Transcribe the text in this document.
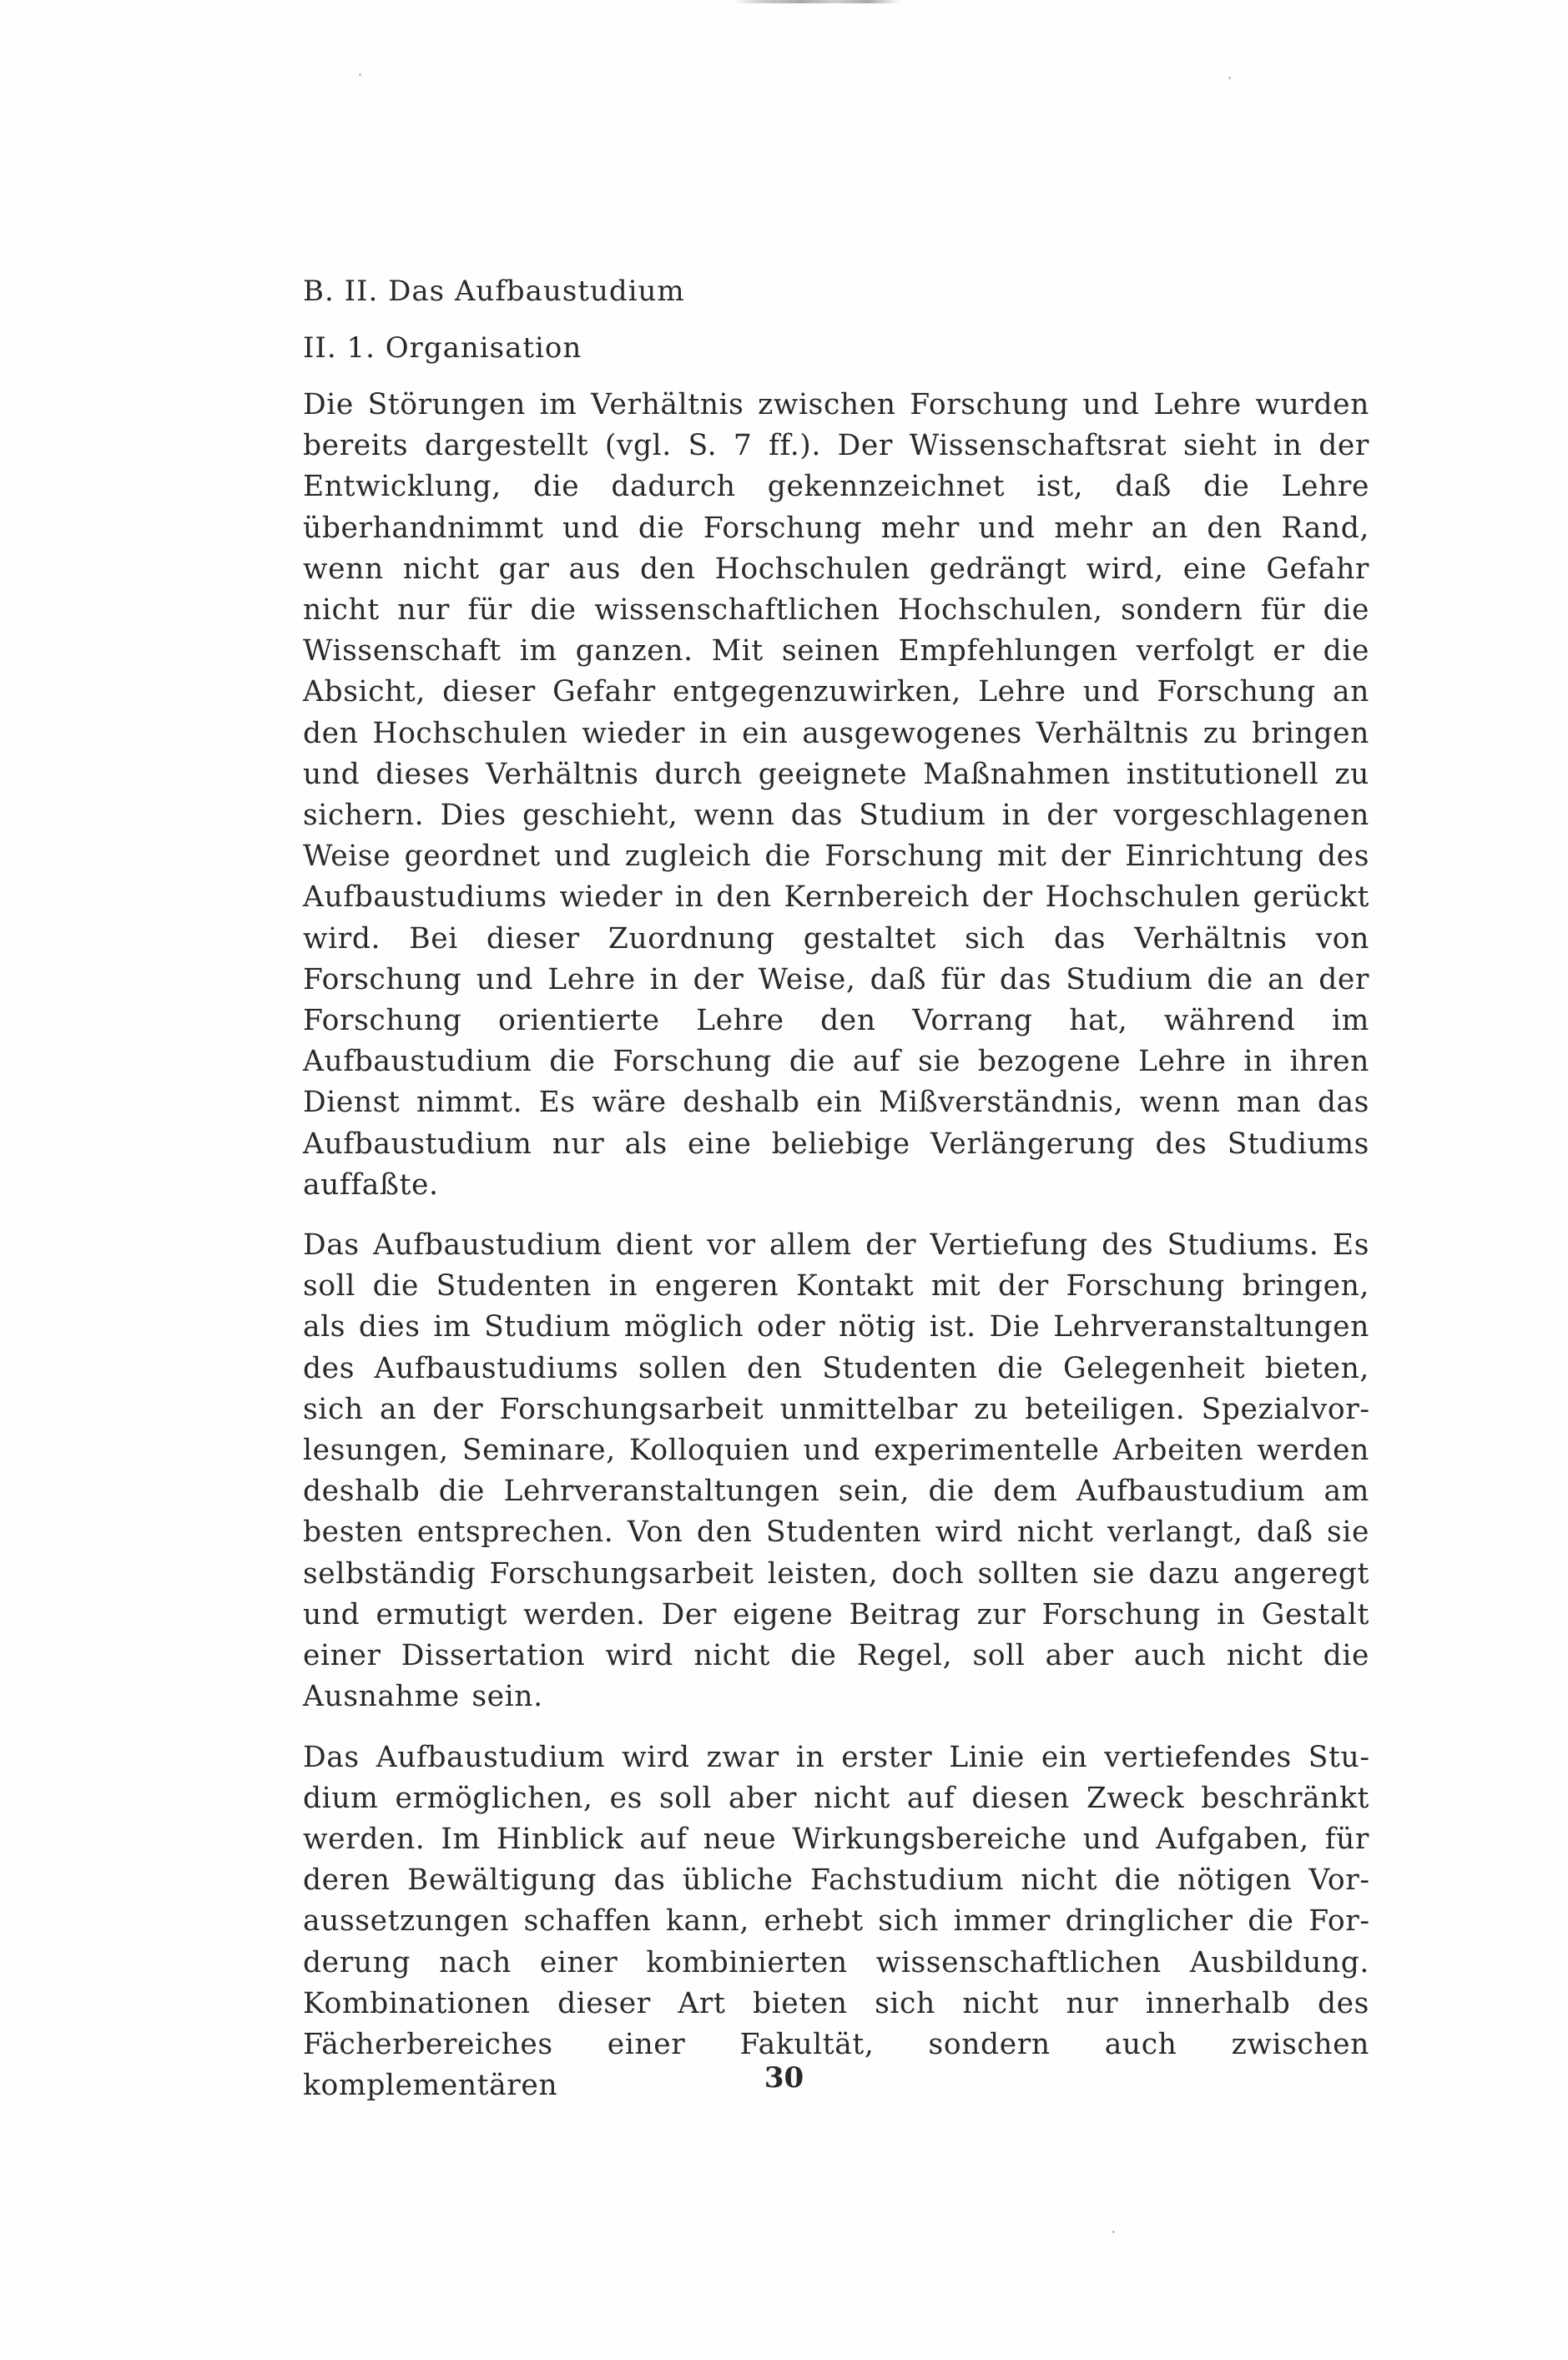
B. II. Das Aufbaustudium
II. 1. Organisation

Die Störungen im Verhältnis zwischen Forschung und Lehre wurden bereits dargestellt (vgl. S. 7 ff.). Der Wissenschaftsrat sieht in der Entwicklung, die dadurch gekennzeichnet ist, daß die Lehre überhandnimmt und die Forschung mehr und mehr an den Rand, wenn nicht gar aus den Hochschulen gedrängt wird, eine Gefahr nicht nur für die wissenschaftlichen Hochschulen, sondern für die Wissenschaft im ganzen. Mit seinen Empfehlungen verfolgt er die Absicht, dieser Gefahr entgegenzuwirken, Lehre und Forschung an den Hochschulen wieder in ein ausgewogenes Verhältnis zu bringen und dieses Verhältnis durch geeignete Maßnahmen institutionell zu sichern. Dies geschieht, wenn das Studium in der vorgeschlagenen Weise geordnet und zugleich die Forschung mit der Einrichtung des Aufbaustudiums wieder in den Kernbereich der Hochschulen gerückt wird. Bei dieser Zuordnung gestaltet sich das Verhältnis von Forschung und Lehre in der Weise, daß für das Studium die an der Forschung orientierte Lehre den Vorrang hat, während im Aufbaustudium die Forschung die auf sie bezogene Lehre in ihren Dienst nimmt. Es wäre deshalb ein Mißverständnis, wenn man das Aufbaustudium nur als eine beliebige Verlängerung des Studiums auffaßte.

Das Aufbaustudium dient vor allem der Vertiefung des Studiums. Es soll die Studenten in engeren Kontakt mit der Forschung bringen, als dies im Studium möglich oder nötig ist. Die Lehrveranstaltungen des Aufbaustudiums sollen den Studenten die Gelegenheit bieten, sich an der Forschungsarbeit unmittelbar zu beteiligen. Spezialvorlesungen, Seminare, Kolloquien und experimentelle Arbeiten werden deshalb die Lehrveranstaltungen sein, die dem Aufbaustudium am besten entsprechen. Von den Studenten wird nicht verlangt, daß sie selbständig Forschungsarbeit leisten, doch sollten sie dazu angeregt und ermutigt werden. Der eigene Beitrag zur Forschung in Gestalt einer Dissertation wird nicht die Regel, soll aber auch nicht die Ausnahme sein.

Das Aufbaustudium wird zwar in erster Linie ein vertiefendes Studium ermöglichen, es soll aber nicht auf diesen Zweck beschränkt werden. Im Hinblick auf neue Wirkungsbereiche und Aufgaben, für deren Bewältigung das übliche Fachstudium nicht die nötigen Voraussetzungen schaffen kann, erhebt sich immer dringlicher die Forderung nach einer kombinierten wissenschaftlichen Ausbildung. Kombinationen dieser Art bieten sich nicht nur innerhalb des Fächerbereiches einer Fakultät, sondern auch zwischen komplementären	30
